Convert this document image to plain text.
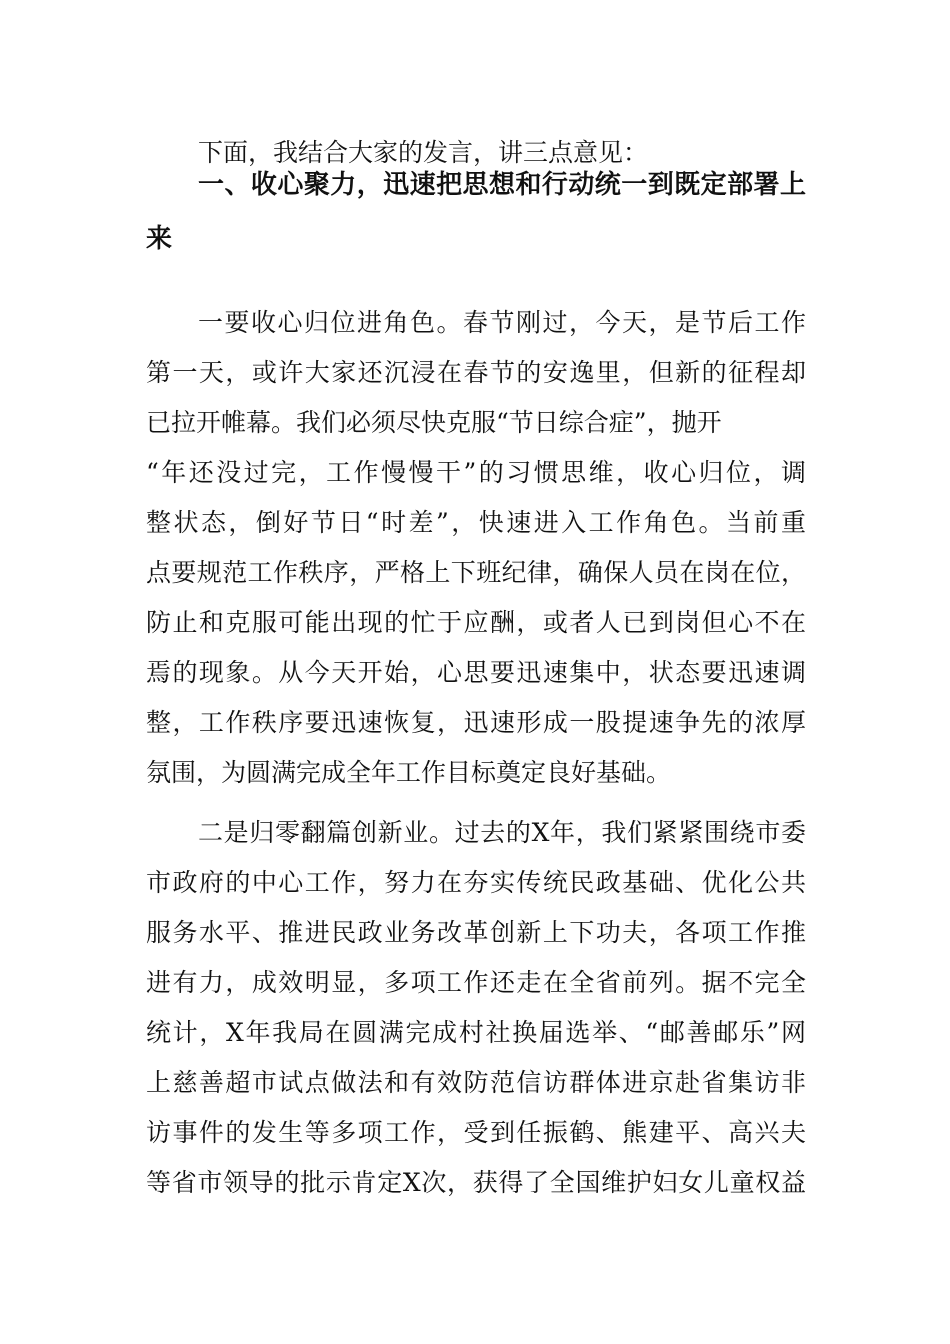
下面，我结合大家的发言，讲三点意见：

一、收心聚力，迅速把思想和行动统一到既定部署上
来

一要收心归位进角色。春节刚过，今天，是节后工作
第一天，或许大家还沉浸在春节的安逸里，但新的征程却
已拉开帷幕。我们必须尽快克服“节日综合症”，抛开
“年还没过完，工作慢慢干”的习惯思维，收心归位，调
整状态，倒好节日“时差”，快速进入工作角色。当前重
点要规范工作秩序，严格上下班纪律，确保人员在岗在位，
防止和克服可能出现的忙于应酬，或者人已到岗但心不在
焉的现象。从今天开始，心思要迅速集中，状态要迅速调
整，工作秩序要迅速恢复，迅速形成一股提速争先的浓厚
氛围，为圆满完成全年工作目标奠定良好基础。

二是归零翻篇创新业。过去的X年，我们紧紧围绕市委
市政府的中心工作，努力在夯实传统民政基础、优化公共
服务水平、推进民政业务改革创新上下功夫，各项工作推
进有力，成效明显，多项工作还走在全省前列。据不完全
统计，X年我局在圆满完成村社换届选举、“邮善邮乐”网
上慈善超市试点做法和有效防范信访群体进京赴省集访非
访事件的发生等多项工作，受到任振鹤、熊建平、高兴夫
等省市领导的批示肯定X次，获得了全国维护妇女儿童权益
